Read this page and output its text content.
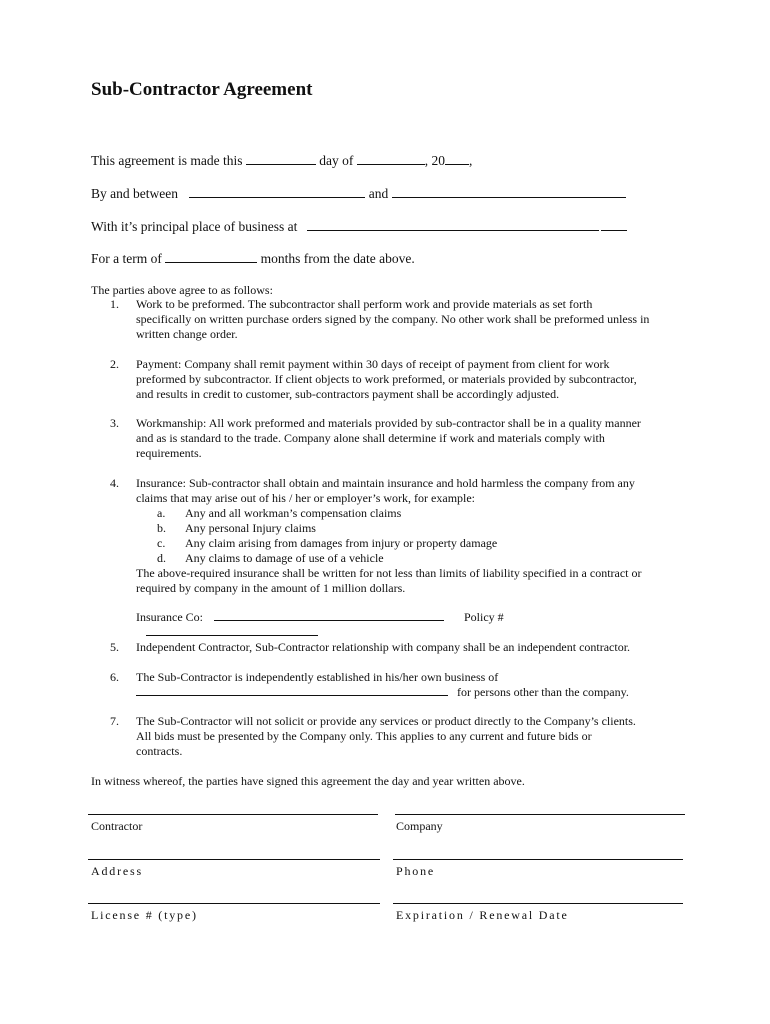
Sub-Contractor Agreement
This agreement is made this	day of	, 20 ,
By and between	and
With it’s principal place of business at
For a term of	months from the date above.
The parties above agree to as follows:
1.	Work to be preformed. The subcontractor shall perform work and provide materials as set forth
specifically on written purchase orders signed by the company. No other work shall be preformed unless in
written change order.
2.	Payment: Company shall remit payment within 30 days of receipt of payment from client for work
preformed by subcontractor. If client objects to work preformed, or materials provided by subcontractor,
and results in credit to customer, sub-contractors payment shall be accordingly adjusted.
3.	Workmanship: All work preformed and materials provided by sub-contractor shall be in a quality manner
and as is standard to the trade. Company alone shall determine if work and materials comply with
requirements.
4.	Insurance: Sub-contractor shall obtain and maintain insurance and hold harmless the company from any
claims that may arise out of his / her or employer’s work, for example:
a. Any and all workman’s compensation claims
b. Any personal Injury claims
c. Any claim arising from damages from injury or property damage
d. Any claims to damage of use of a vehicle
The above-required insurance shall be written for not less than limits of liability specified in a contract or
required by company in the amount of 1 million dollars.
Insurance Co:	Policy #
5.	Independent Contractor, Sub-Contractor relationship with company shall be an independent contractor.
6.	The Sub-Contractor is independently established in his/her own business of
for persons other than the company.
7.	The Sub-Contractor will not solicit or provide any services or product directly to the Company’s clients.
All bids must be presented by the Company only. This applies to any current and future bids or
contracts.
In witness whereof, the parties have signed this agreement the day and year written above.
Contractor	Company
Address	Phone
License # (type)	Expiration / Renewal Date
